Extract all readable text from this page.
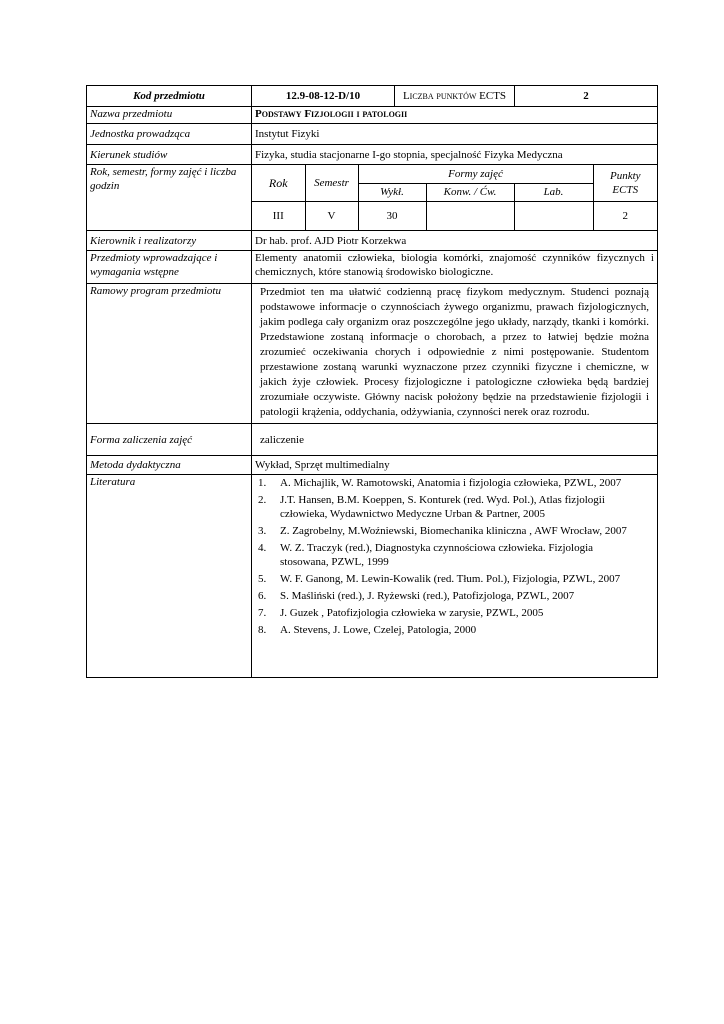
Kod przedmiotu	12.9-08-12-D/10	Liczba punktów ECTS	2
Nazwa przedmiotu	Podstawy Fizjologii i patologii
Jednostka prowadząca	Instytut Fizyki
Kierunek studiów	Fizyka, studia stacjonarne I-go stopnia, specjalność Fizyka Medyczna
Rok, semestr, formy zajęć i liczba godzin		Rok	Semestr	Formy zajęć	Punkty ECTS
Wykł.	Konw. / Ćw.	Lab.
III	V	30			2

Kierownik i realizatorzy	Dr hab. prof. AJD Piotr Korzekwa
Przedmioty wprowadzające i wymagania wstępne	Elementy anatomii człowieka, biologia komórki, znajomość czynników fizycznych i chemicznych, które stanowią środowisko biologiczne.
Ramowy program przedmiotu	Przedmiot ten ma ułatwić codzienną pracę fizykom medycznym. Studenci poznają podstawowe informacje o czynnościach żywego organizmu, prawach fizjologicznych, jakim podlega cały organizm oraz poszczególne jego układy, narządy, tkanki i komórki. Przedstawione zostaną informacje o chorobach, a przez to łatwiej będzie można zrozumieć oczekiwania chorych i odpowiednie z nimi postępowanie. Studentom przestawione zostaną warunki wyznaczone przez czynniki fizyczne i chemiczne, w jakich żyje człowiek. Procesy fizjologiczne i patologiczne człowieka będą bardziej zrozumiałe oczywiste. Główny nacisk położony będzie na przedstawienie fizjologii i patologii krążenia, oddychania, odżywiania, czynności nerek oraz rozrodu.
Forma zaliczenia zajęć	zaliczenie
Metoda dydaktyczna	Wykład, Sprzęt multimedialny
Literatura	1.	A. Michajlik, W. Ramotowski, Anatomia i fizjologia człowieka, PZWL, 2007
2.	J.T. Hansen, B.M. Koeppen, S. Konturek (red. Wyd. Pol.), Atlas fizjologii człowieka, Wydawnictwo Medyczne Urban & Partner, 2005
3.	Z. Zagrobelny, M.Woźniewski, Biomechanika kliniczna , AWF Wrocław, 2007
4.	W. Z. Traczyk (red.), Diagnostyka czynnościowa człowieka. Fizjologia stosowana, PZWL, 1999
5.	W. F. Ganong, M. Lewin-Kowalik (red. Tłum. Pol.), Fizjologia, PZWL, 2007
6.	S. Maśliński (red.), J. Ryżewski (red.), Patofizjologa, PZWL, 2007
7.	J. Guzek , Patofizjologia człowieka w zarysie, PZWL, 2005
8.	A. Stevens, J. Lowe, Czelej, Patologia, 2000
